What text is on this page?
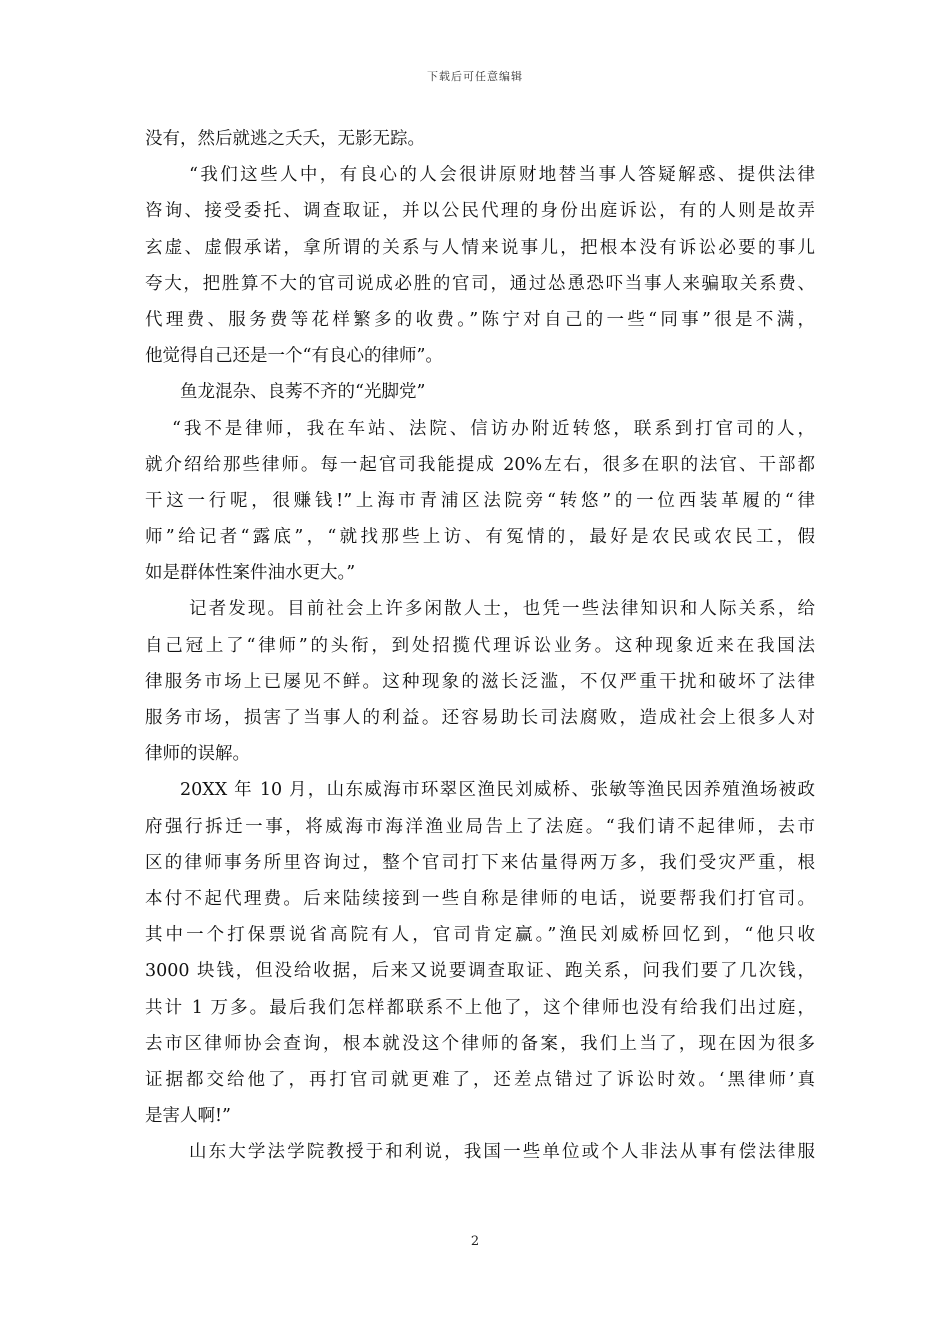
下载后可任意编辑
没有，然后就逃之夭夭，无影无踪。
“我们这些人中，有良心的人会很讲原财地替当事人答疑解惑、提供法律
咨询、接受委托、调查取证，并以公民代理的身份出庭诉讼，有的人则是故弄
玄虚、虚假承诺，拿所谓的关系与人情来说事儿，把根本没有诉讼必要的事儿
夸大，把胜算不大的官司说成必胜的官司，通过怂恿恐吓当事人来骗取关系费、
代理费、服务费等花样繁多的收费。”陈宁对自己的一些“同事”很是不满，
他觉得自己还是一个“有良心的律师”。
鱼龙混杂、良莠不齐的“光脚党”
“我不是律师，我在车站、法院、信访办附近转悠，联系到打官司的人，
就介绍给那些律师。每一起官司我能提成 20%左右，很多在职的法官、干部都
干这一行呢，很赚钱!”上海市青浦区法院旁“转悠”的一位西装革履的“律
师”给记者“露底”，“就找那些上访、有冤情的，最好是农民或农民工，假
如是群体性案件油水更大。”
记者发现。目前社会上许多闲散人士，也凭一些法律知识和人际关系，给
自己冠上了“律师”的头衔，到处招揽代理诉讼业务。这种现象近来在我国法
律服务市场上已屡见不鲜。这种现象的滋长泛滥，不仅严重干扰和破坏了法律
服务市场，损害了当事人的利益。还容易助长司法腐败，造成社会上很多人对
律师的误解。
20XX 年 10 月，山东威海市环翠区渔民刘威桥、张敏等渔民因养殖渔场被政
府强行拆迁一事，将威海市海洋渔业局告上了法庭。“我们请不起律师，去市
区的律师事务所里咨询过，整个官司打下来估量得两万多，我们受灾严重，根
本付不起代理费。后来陆续接到一些自称是律师的电话，说要帮我们打官司。
其中一个打保票说省高院有人，官司肯定赢。”渔民刘威桥回忆到，“他只收
3000 块钱，但没给收据，后来又说要调查取证、跑关系，问我们要了几次钱，
共计 1 万多。最后我们怎样都联系不上他了，这个律师也没有给我们出过庭，
去市区律师协会查询，根本就没这个律师的备案，我们上当了，现在因为很多
证据都交给他了，再打官司就更难了，还差点错过了诉讼时效。‘黑律师’真
是害人啊!”
山东大学法学院教授于和利说，我国一些单位或个人非法从事有偿法律服
2
